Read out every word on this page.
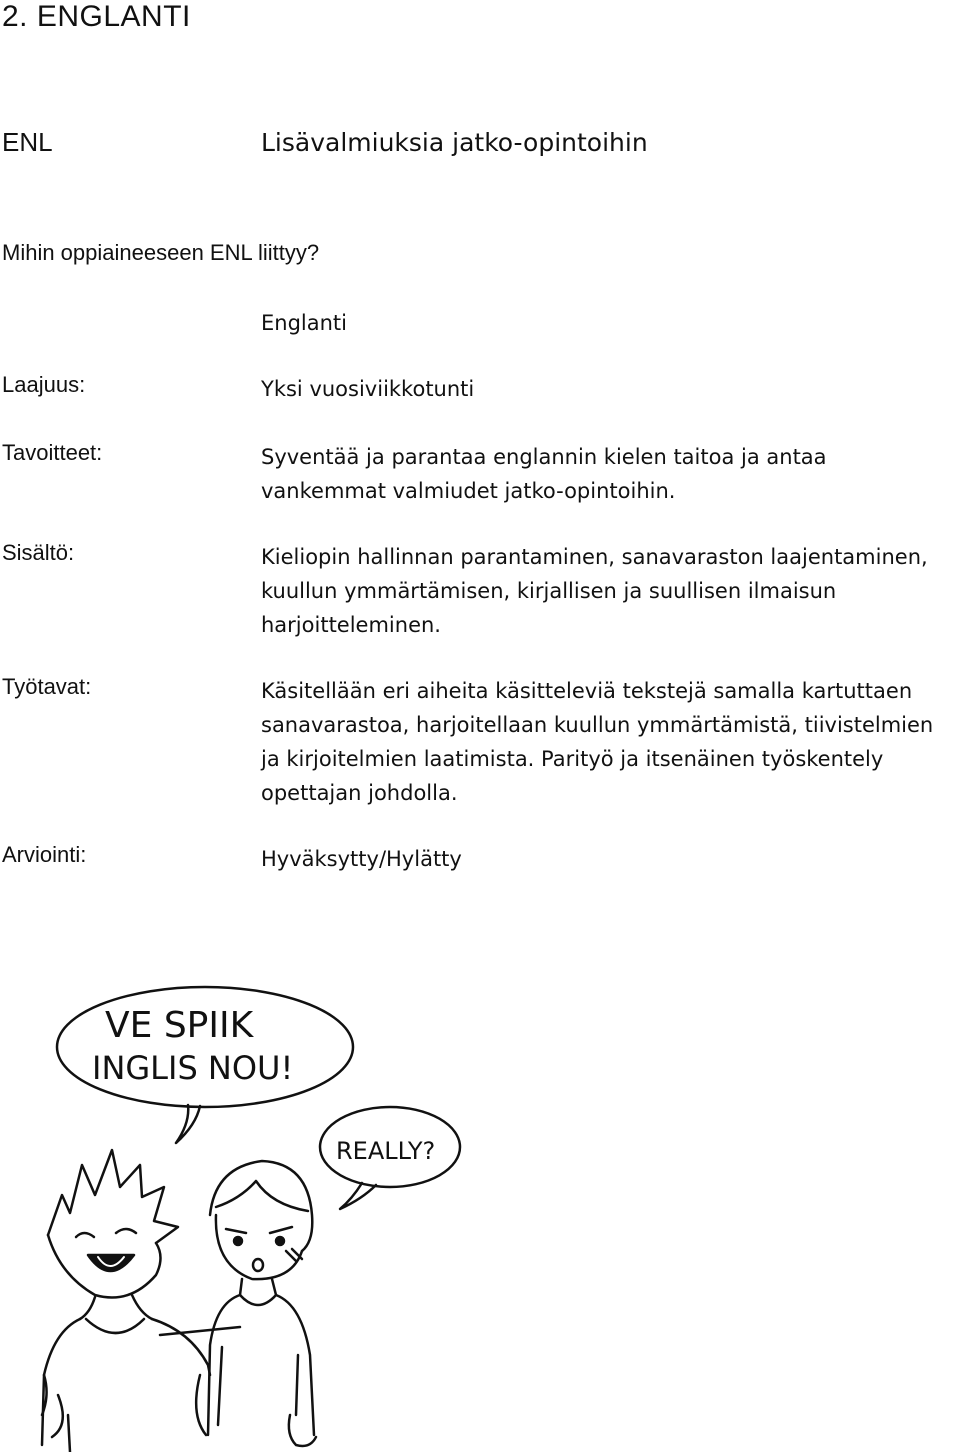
2. ENGLANTI
ENL	Lisävalmiuksia jatko-opintoihin
Mihin oppiaineeseen ENL liittyy?
Englanti
Laajuus:	Yksi vuosiviikkotunti
Tavoitteet:	Syventää ja parantaa englannin kielen taitoa ja antaa
vankemmat valmiudet jatko-opintoihin.
Sisältö:	Kieliopin hallinnan parantaminen, sanavaraston laajentaminen,
kuullun ymmärtämisen, kirjallisen ja suullisen ilmaisun
harjoitteleminen.
Työtavat:	Käsitellään eri aiheita käsitteleviä tekstejä samalla kartuttaen
sanavarastoa, harjoitellaan kuullun ymmärtämistä, tiivistelmien
ja kirjoitelmien laatimista. Parityö ja itsenäinen työskentely
opettajan johdolla.
Arviointi:	Hyväksytty/Hylätty
VE SPIIK
INGLIS NOU!
REALLY?
